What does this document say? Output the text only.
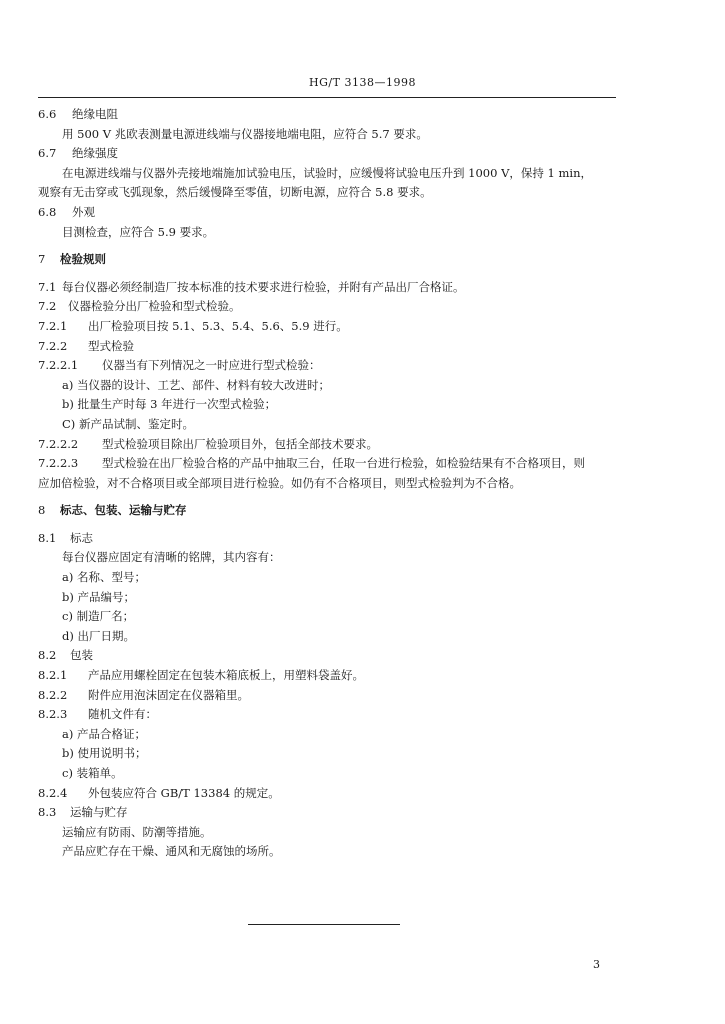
HG/T 3138—1998
6.6 绝缘电阻
用 500 V 兆欧表测量电源进线端与仪器接地端电阻，应符合 5.7 要求。
6.7 绝缘强度
在电源进线端与仪器外壳接地端施加试验电压，试验时，应缓慢将试验电压升到 1000 V，保持 1 min，
观察有无击穿或飞弧现象，然后缓慢降至零值，切断电源，应符合 5.8 要求。
6.8 外观
目测检查，应符合 5.9 要求。
7 检验规则
7.1 每台仪器必须经制造厂按本标准的技术要求进行检验，并附有产品出厂合格证。
7.2 仪器检验分出厂检验和型式检验。
7.2.1 出厂检验项目按 5.1、5.3、5.4、5.6、5.9 进行。
7.2.2 型式检验
7.2.2.1 仪器当有下列情况之一时应进行型式检验：
a) 当仪器的设计、工艺、部件、材料有较大改进时；
b) 批量生产时每 3 年进行一次型式检验；
C) 新产品试制、鉴定时。
7.2.2.2 型式检验项目除出厂检验项目外，包括全部技术要求。
7.2.2.3 型式检验在出厂检验合格的产品中抽取三台，任取一台进行检验，如检验结果有不合格项目，则
应加倍检验，对不合格项目或全部项目进行检验。如仍有不合格项目，则型式检验判为不合格。
8 标志、包装、运输与贮存
8.1 标志
每台仪器应固定有清晰的铭牌，其内容有：
a) 名称、型号；
b) 产品编号；
c) 制造厂名；
d) 出厂日期。
8.2 包装
8.2.1 产品应用螺栓固定在包装木箱底板上，用塑料袋盖好。
8.2.2 附件应用泡沫固定在仪器箱里。
8.2.3 随机文件有：
a) 产品合格证；
b) 使用说明书；
c) 装箱单。
8.2.4 外包装应符合 GB/T 13384 的规定。
8.3 运输与贮存
运输应有防雨、防潮等措施。
产品应贮存在干燥、通风和无腐蚀的场所。
3
